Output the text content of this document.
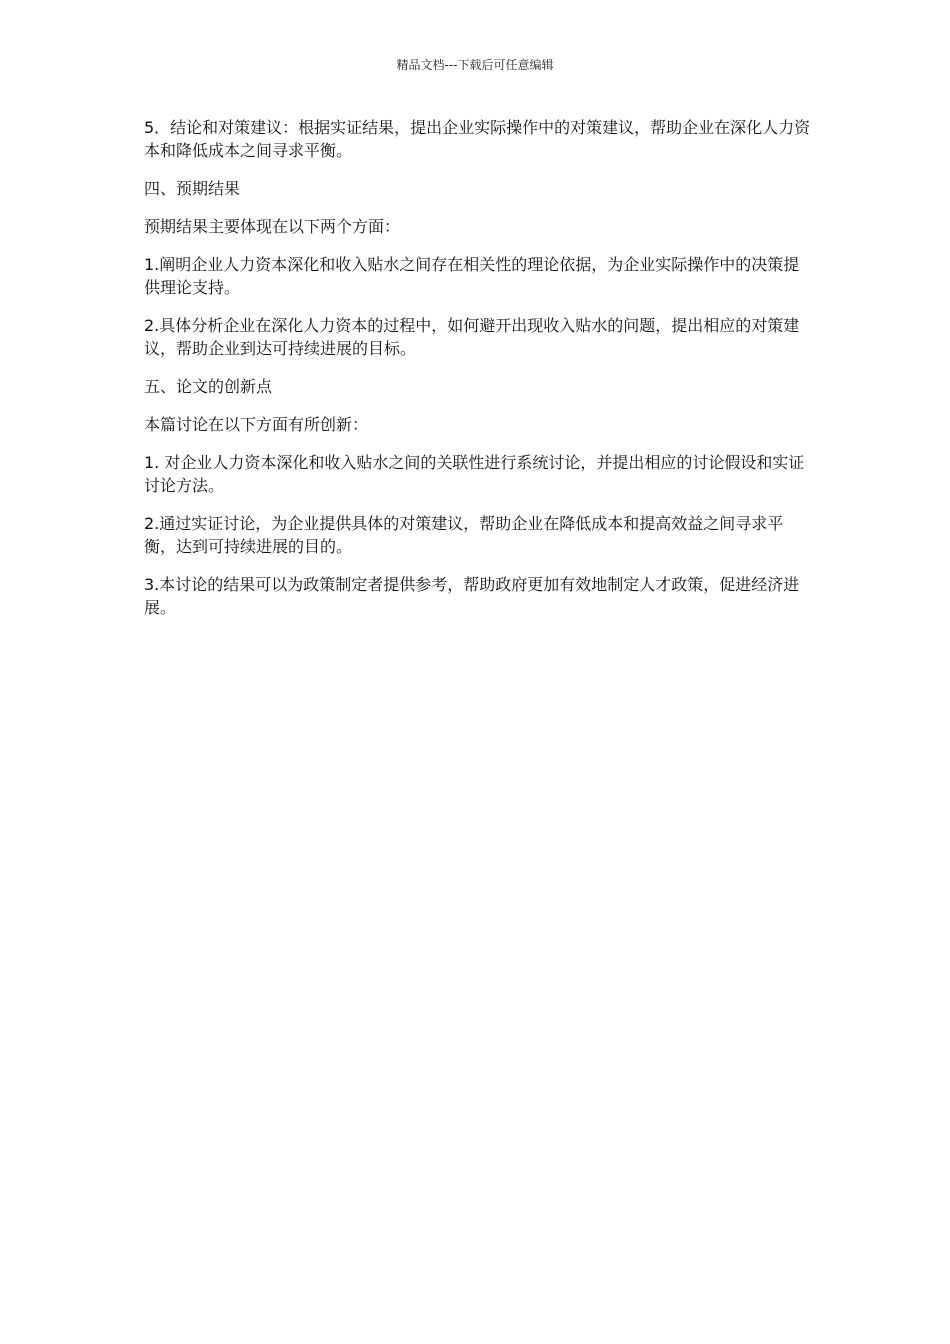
精品文档---下载后可任意编辑

5．结论和对策建议：根据实证结果，提出企业实际操作中的对策建议，帮助企业在深化人力资本和降低成本之间寻求平衡。

四、预期结果

预期结果主要体现在以下两个方面：

1.阐明企业人力资本深化和收入贴水之间存在相关性的理论依据，为企业实际操作中的决策提供理论支持。

2.具体分析企业在深化人力资本的过程中，如何避开出现收入贴水的问题，提出相应的对策建议，帮助企业到达可持续进展的目标。

五、论文的创新点

本篇讨论在以下方面有所创新：

1. 对企业人力资本深化和收入贴水之间的关联性进行系统讨论，并提出相应的讨论假设和实证讨论方法。

2.通过实证讨论，为企业提供具体的对策建议，帮助企业在降低成本和提高效益之间寻求平衡，达到可持续进展的目的。

3.本讨论的结果可以为政策制定者提供参考，帮助政府更加有效地制定人才政策，促进经济进展。
